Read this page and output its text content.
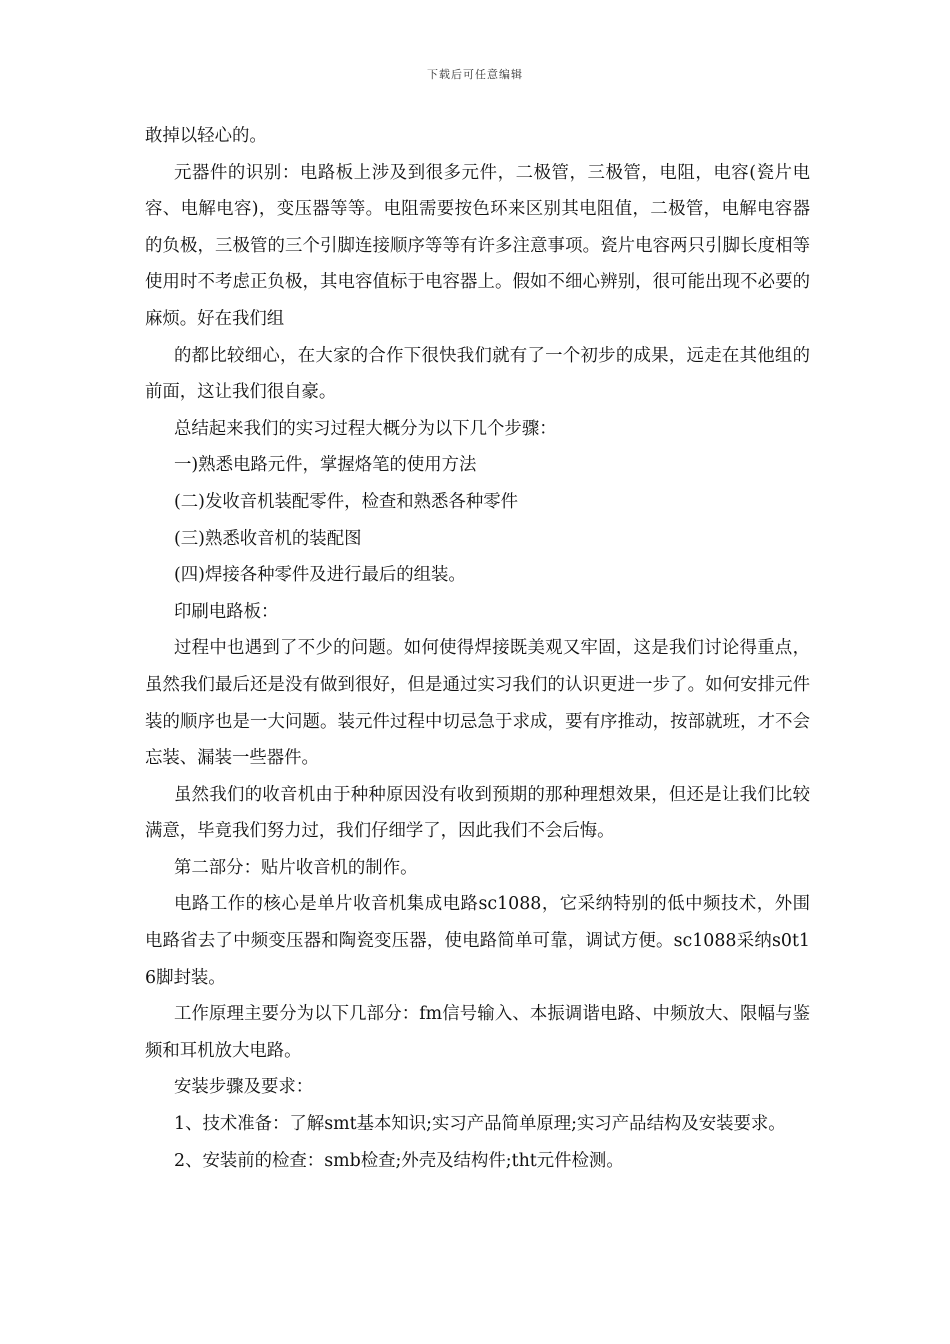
下载后可任意编辑

敢掉以轻心的。

元器件的识别：电路板上涉及到很多元件，二极管，三极管，电阻，电容(瓷片电容、电解电容)，变压器等等。电阻需要按色环来区别其电阻值，二极管，电解电容器的负极，三极管的三个引脚连接顺序等等有许多注意事项。瓷片电容两只引脚长度相等使用时不考虑正负极，其电容值标于电容器上。假如不细心辨别，很可能出现不必要的麻烦。好在我们组

的都比较细心，在大家的合作下很快我们就有了一个初步的成果，远走在其他组的前面，这让我们很自豪。

总结起来我们的实习过程大概分为以下几个步骤：

一)熟悉电路元件，掌握烙笔的使用方法

(二)发收音机装配零件，检查和熟悉各种零件

(三)熟悉收音机的装配图

(四)焊接各种零件及进行最后的组装。

印刷电路板：

过程中也遇到了不少的问题。如何使得焊接既美观又牢固，这是我们讨论得重点，虽然我们最后还是没有做到很好，但是通过实习我们的认识更进一步了。如何安排元件装的顺序也是一大问题。装元件过程中切忌急于求成，要有序推动，按部就班，才不会忘装、漏装一些器件。

虽然我们的收音机由于种种原因没有收到预期的那种理想效果，但还是让我们比较满意，毕竟我们努力过，我们仔细学了，因此我们不会后悔。

第二部分：贴片收音机的制作。

电路工作的核心是单片收音机集成电路sc1088，它采纳特别的低中频技术，外围电路省去了中频变压器和陶瓷变压器，使电路简单可靠，调试方便。sc1088采纳s0t16脚封装。

工作原理主要分为以下几部分：fm信号输入、本振调谐电路、中频放大、限幅与鉴频和耳机放大电路。

安装步骤及要求：

1、技术准备：了解smt基本知识;实习产品简单原理;实习产品结构及安装要求。

2、安装前的检查：smb检查;外壳及结构件;tht元件检测。
